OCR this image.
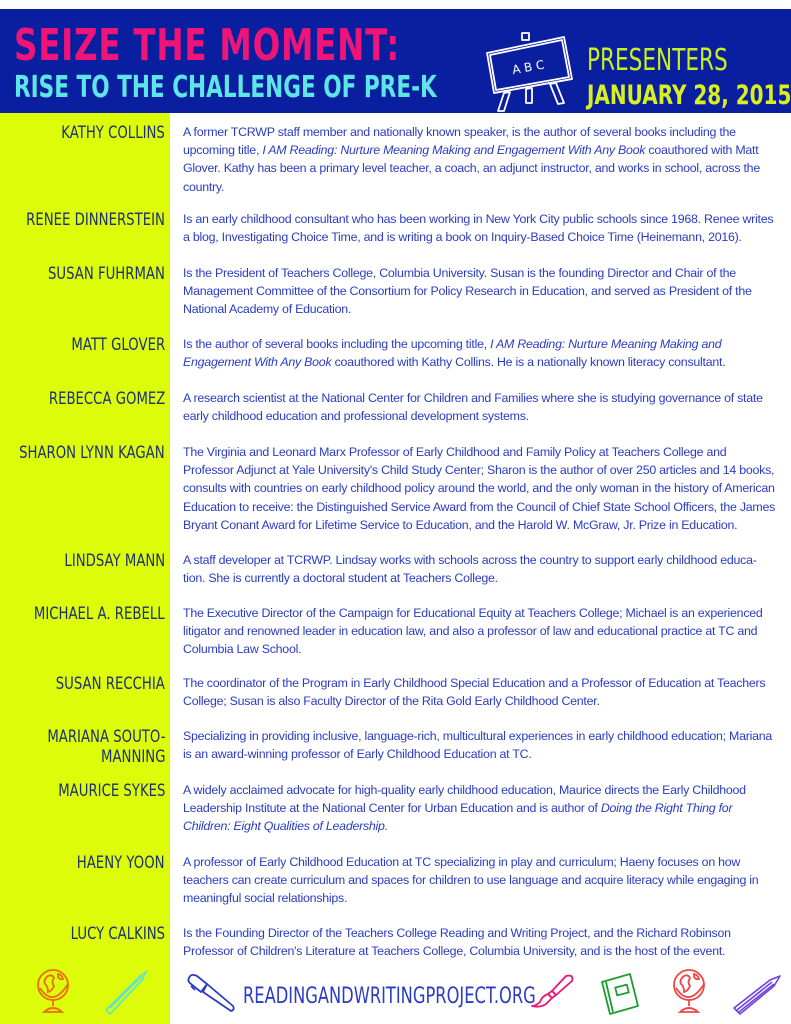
SEIZE THE MOMENT:
RISE TO THE CHALLENGE OF PRE-K
A B C PRESENTERS
JANUARY 28, 2015
KATHY COLLINS A former TCRWP staff member and nationally known speaker, is the author of several books including the upcoming title, I AM Reading: Nurture Meaning Making and Engagement With Any Book coauthored with Matt Glover. Kathy has been a primary level teacher, a coach, an adjunct instructor, and works in school, across the country.
RENEE DINNERSTEIN Is an early childhood consultant who has been working in New York City public schools since 1968. Renee writes a blog, Investigating Choice Time, and is writing a book on Inquiry-Based Choice Time (Heinemann, 2016).
SUSAN FUHRMAN Is the President of Teachers College, Columbia University. Susan is the founding Director and Chair of the Management Committee of the Consortium for Policy Research in Education, and served as President of the National Academy of Education.
MATT GLOVER Is the author of several books including the upcoming title, I AM Reading: Nurture Meaning Making and Engagement With Any Book coauthored with Kathy Collins. He is a nationally known literacy consultant.
REBECCA GOMEZ A research scientist at the National Center for Children and Families where she is studying governance of state early childhood education and professional development systems.
SHARON LYNN KAGAN The Virginia and Leonard Marx Professor of Early Childhood and Family Policy at Teachers College and Professor Adjunct at Yale University's Child Study Center; Sharon is the author of over 250 articles and 14 books, consults with countries on early childhood policy around the world, and the only woman in the history of American Education to receive: the Distinguished Service Award from the Council of Chief State School Officers, the James Bryant Conant Award for Lifetime Service to Education, and the Harold W. McGraw, Jr. Prize in Education.
LINDSAY MANN A staff developer at TCRWP. Lindsay works with schools across the country to support early childhood educa-tion. She is currently a doctoral student at Teachers College.
MICHAEL A. REBELL The Executive Director of the Campaign for Educational Equity at Teachers College; Michael is an experienced litigator and renowned leader in education law, and also a professor of law and educational practice at TC and Columbia Law School.
SUSAN RECCHIA The coordinator of the Program in Early Childhood Special Education and a Professor of Education at Teachers College; Susan is also Faculty Director of the Rita Gold Early Childhood Center.
MARIANA SOUTO-
MANNING
Specializing in providing inclusive, language-rich, multicultural experiences in early childhood education; Mariana is an award-winning professor of Early Childhood Education at TC.
MAURICE SYKES A widely acclaimed advocate for high-quality early childhood education, Maurice directs the Early Childhood Leadership Institute at the National Center for Urban Education and is author of Doing the Right Thing for Children: Eight Qualities of Leadership.
HAENY YOON A professor of Early Childhood Education at TC specializing in play and curriculum; Haeny focuses on how teachers can create curriculum and spaces for children to use language and acquire literacy while engaging in meaningful social relationships.
LUCY CALKINS Is the Founding Director of the Teachers College Reading and Writing Project, and the Richard Robinson Professor of Children's Literature at Teachers College, Columbia University, and is the host of the event.
READINGANDWRITINGPROJECT.ORG
